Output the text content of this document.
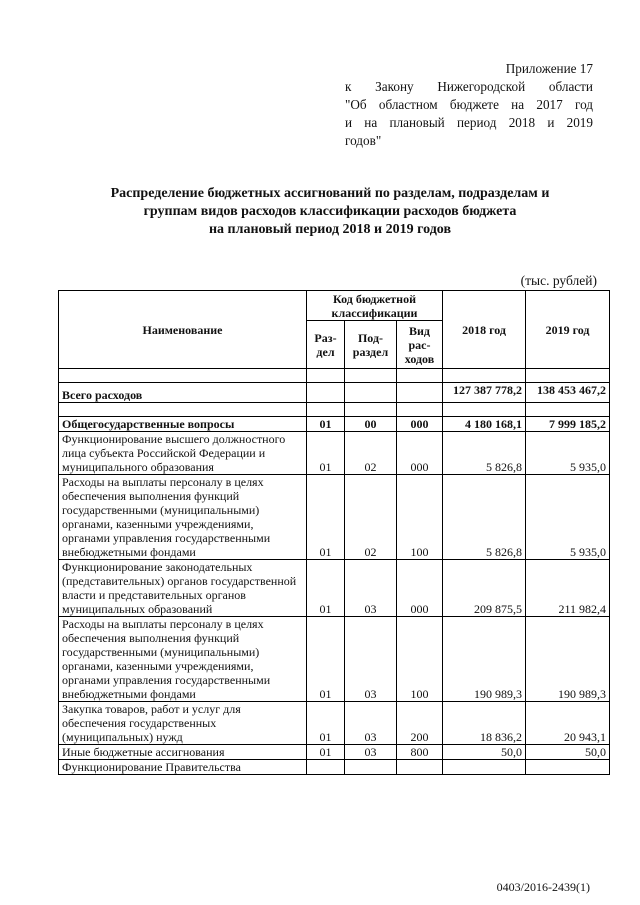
Приложение 17
к Закону Нижегородской области
"Об областном бюджете на 2017 год
и на плановый период 2018 и 2019
годов"
Распределение бюджетных ассигнований по разделам, подразделам и
группам видов расходов классификации расходов бюджета
на плановый период 2018 и 2019 годов
(тыс. рублей)
Наименование	Код бюджетной классификации			2018 год	2019 год
	Раз-дел	Под-раздел	Вид рас-ходов		

Всего расходов				127 387 778,2	138 453 467,2

Общегосударственные вопросы	01	00	000	4 180 168,1	7 999 185,2
Функционирование высшего должностного лица субъекта Российской Федерации и муниципального образования	01	02	000	5 826,8	5 935,0
Расходы на выплаты персоналу в целях обеспечения выполнения функций государственными (муниципальными) органами, казенными учреждениями, органами управления государственными внебюджетными фондами	01	02	100	5 826,8	5 935,0
Функционирование законодательных (представительных) органов государственной власти и представительных органов муниципальных образований	01	03	000	209 875,5	211 982,4
Расходы на выплаты персоналу в целях обеспечения выполнения функций государственными (муниципальными) органами, казенными учреждениями, органами управления государственными внебюджетными фондами	01	03	100	190 989,3	190 989,3
Закупка товаров, работ и услуг для обеспечения государственных (муниципальных) нужд	01	03	200	18 836,2	20 943,1
Иные бюджетные ассигнования	01	03	800	50,0	50,0
Функционирование Правительства					
0403/2016-2439(1)
